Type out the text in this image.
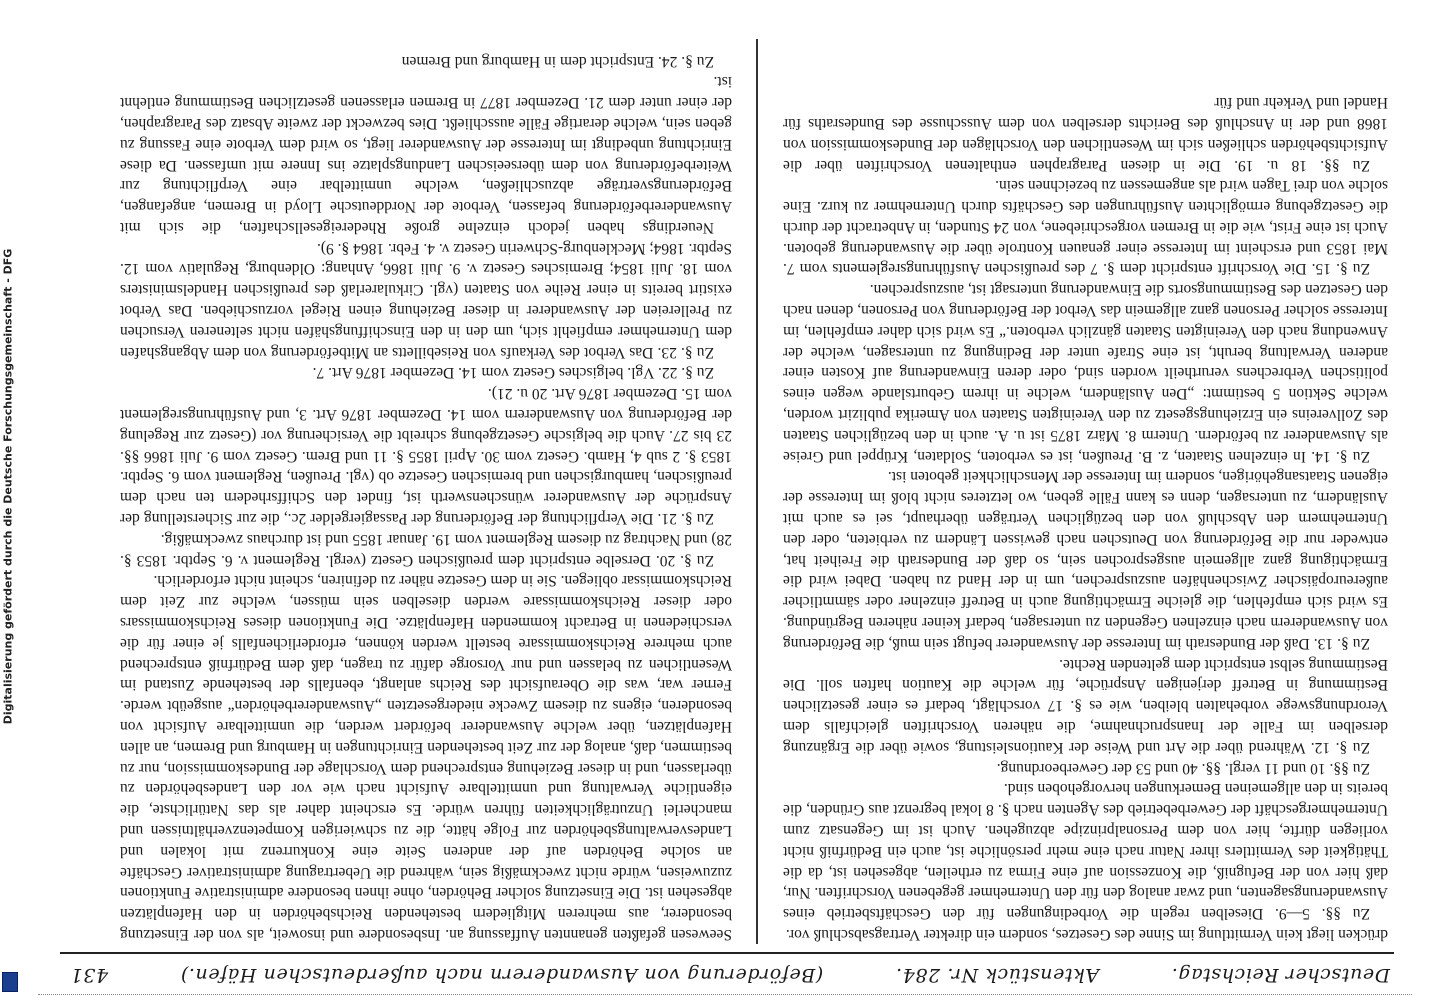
Deutscher Reichstag.
Aktenstück Nr. 284.
(Beförderung von Auswanderern nach außerdeutschen Häfen.)
431

drücken liegt kein Vermittlung im Sinne des Gesetzes, sondern ein direkter Vertragsabschluß vor.

Zu §§. 5—9. Dieselben regeln die Vorbedingungen für den Geschäftsbetrieb eines Auswanderungsagenten, und zwar analog den für den Unternehmer gegebenen Vorschriften. Nur, daß hier von der Befugniß, die Konzession auf eine Firma zu ertheilen, abgesehen ist, da die Thätigkeit des Vermittlers ihrer Natur nach eine mehr persönliche ist, auch ein Bedürfniß nicht vorliegen dürfte, hier von dem Personalprinzipe abzugehen. Auch ist im Gegensatz zum Unternehmergeschäft der Gewerbebetrieb des Agenten nach §. 8 lokal begrenzt aus Gründen, die bereits in den allgemeinen Bemerkungen hervorgehoben sind.

Zu §§. 10 und 11 vergl. §§. 40 und 53 der Gewerbeordnung.

Zu §. 12. Während über die Art und Weise der Kautionsleistung, sowie über die Ergänzung derselben im Falle der Inanspruchnahme, die näheren Vorschriften gleichfalls dem Verordnungswege vorbehalten bleiben, wie es §. 17 vorschlägt, bedarf es einer gesetzlichen Bestimmung in Betreff derjenigen Ansprüche, für welche die Kaution haften soll. Die Bestimmung selbst entspricht dem geltenden Rechte.

Zu §. 13. Daß der Bundesrath im Interesse der Auswanderer befugt sein muß, die Beförderung von Auswanderern nach einzelnen Gegenden zu untersagen, bedarf keiner näheren Begründung. Es wird sich empfehlen, die gleiche Ermächtigung auch in Betreff einzelner oder sämmtlicher außereuropäischer Zwischenhäfen auszusprechen, um in der Hand zu haben. Dabei wird die Ermächtigung ganz allgemein ausgesprochen sein, so daß der Bundesrath die Freiheit hat, entweder nur die Beförderung von Deutschen nach gewissen Ländern zu verbieten, oder den Unternehmern den Abschluß von den bezüglichen Verträgen überhaupt, sei es auch mit Ausländern, zu untersagen, denn es kann Fälle geben, wo letzteres nicht bloß im Interesse der eigenen Staatsangehörigen, sondern im Interesse der Menschlichkeit geboten ist.

Zu §. 14. In einzelnen Staaten, z. B. Preußen, ist es verboten, Soldaten, Krüppel und Greise als Auswanderer zu befördern. Unterm 8. März 1875 ist u. A. auch in den bezüglichen Staaten des Zollvereins ein Erziehungsgesetz zu den Vereinigten Staaten von Amerika publizirt worden, welche Sektion 5 bestimmt: „Den Ausländern, welche in ihrem Geburtslande wegen eines politischen Verbrechens verurtheilt worden sind, oder deren Einwanderung auf Kosten einer anderen Verwaltung beruht, ist eine Strafe unter der Bedingung zu untersagen, welche der Anwendung nach den Vereinigten Staaten gänzlich verboten.“ Es wird sich daher empfehlen, im Interesse solcher Personen ganz allgemein das Verbot der Beförderung von Personen, denen nach den Gesetzen des Bestimmungsorts die Einwanderung untersagt ist, auszusprechen.

Zu §. 15. Die Vorschrift entspricht dem §. 7 des preußischen Ausführungsreglements vom 7. Mai 1853 und erscheint im Interesse einer genauen Kontrole über die Auswanderung geboten. Auch ist eine Frist, wie die in Bremen vorgeschriebene, von 24 Stunden, in Anbetracht der durch die Gesetzgebung ermöglichten Ausführungen des Geschäfts durch Unternehmer zu kurz. Eine solche von drei Tagen wird als angemessen zu bezeichnen sein.

Zu §§. 18 u. 19. Die in diesen Paragraphen enthaltenen Vorschriften über die Aufsichtsbehörden schließen sich im Wesentlichen den Vorschlägen der Bundeskommission von 1868 und der in Anschluß des Berichts derselben von dem Ausschusse des Bundesraths für Handel und Verkehr und für

Seewesen gefaßten genannten Auffassung an. Insbesondere und insoweit, als von der Einsetzung besonderer, aus mehreren Mitgliedern bestehenden Reichsbehörden in den Hafenplätzen abgesehen ist. Die Einsetzung solcher Behörden, ohne ihnen besondere administrative Funktionen zuzuweisen, würde nicht zweckmäßig sein, während die Uebertragung administrativer Geschäfte an solche Behörden auf der anderen Seite eine Konkurrenz mit lokalen und Landesverwaltungsbehörden zur Folge hätte, die zu schwierigen Kompetenzverhältnissen und mancherlei Unzuträglichkeiten führen würde. Es erscheint daher als das Natürlichste, die eigentliche Verwaltung und unmittelbare Aufsicht nach wie vor den Landesbehörden zu überlassen, und in dieser Beziehung entsprechend dem Vorschlage der Bundeskommission, nur zu bestimmen, daß, analog der zur Zeit bestehenden Einrichtungen in Hamburg und Bremen, an allen Hafenplätzen, über welche Auswanderer befördert werden, die unmittelbare Aufsicht von besonderen, eigens zu diesem Zwecke niedergesetzten „Auswandererbehörden“ ausgeübt werde. Ferner war, was die Oberaufsicht des Reichs anlangt, ebenfalls der bestehende Zustand im Wesentlichen zu belassen und nur Vorsorge dafür zu tragen, daß dem Bedürfniß entsprechend auch mehrere Reichskommissare bestellt werden können, erforderlichenfalls je einer für die verschiedenen in Betracht kommenden Hafenplätze. Die Funktionen dieses Reichskommissars oder dieser Reichskommissare werden dieselben sein müssen, welche zur Zeit dem Reichskommissar obliegen. Sie in dem Gesetze näher zu definiren, scheint nicht erforderlich.

Zu §. 20. Derselbe entspricht dem preußischen Gesetz (vergl. Reglement v. 6. Septbr. 1853 §. 28) und Nachtrag zu diesem Reglement vom 19. Januar 1855 und ist durchaus zweckmäßig.

Zu §. 21. Die Verpflichtung der Beförderung der Passagiergelder 2c., die zur Sicherstellung der Ansprüche der Auswanderer wünschenswerth ist, findet den Schiffsrhedern ten nach dem preußischen, hamburgischen und bremischen Gesetze ob (vgl. Preußen, Reglement vom 6. Septbr. 1853 §. 2 sub 4, Hamb. Gesetz vom 30. April 1855 §. 11 und Brem. Gesetz vom 9. Juli 1866 §§. 23 bis 27. Auch die belgische Gesetzgebung schreibt die Versicherung vor (Gesetz zur Regelung der Beförderung von Auswanderern vom 14. Dezember 1876 Art. 3, und Ausführungsreglement vom 15. Dezember 1876 Art. 20 u. 21).

Zu §. 22. Vgl. belgisches Gesetz vom 14. Dezember 1876 Art. 7.

Zu §. 23. Das Verbot des Verkaufs von Reisebilletts an Mitbeförderung von dem Abgangshafen dem Unternehmer empfiehlt sich, um den in den Einschiffungshäfen nicht selteneren Versuchen zu Prellereien der Auswanderer in dieser Beziehung einen Riegel vorzuschieben. Das Verbot existirt bereits in einer Reihe von Staaten (vgl. Cirkularerlaß des preußischen Handelsministers vom 18. Juli 1854; Bremisches Gesetz v. 9. Juli 1866, Anhang: Oldenburg, Regulativ vom 12. Septbr. 1864; Mecklenburg-Schwerin Gesetz v. 4. Febr. 1864 §. 9).

Neuerdings haben jedoch einzelne große Rhedereigesellschaften, die sich mit Auswandererbeförderung befassen, Verbote der Norddeutsche Lloyd in Bremen, angefangen, Beförderungsverträge abzuschließen, welche unmittelbar eine Verpflichtung zur Weiterbeförderung von dem überseeischen Landungsplatze ins Innere mit umfassen. Da diese Einrichtung unbedingt im Interesse der Auswanderer liegt, so wird dem Verbote eine Fassung zu geben sein, welche derartige Fälle ausschließt. Dies bezweckt der zweite Absatz des Paragraphen, der einer unter dem 21. Dezember 1877 in Bremen erlassenen gesetzlichen Bestimmung entlehnt ist.

Zu §. 24. Entspricht dem in Hamburg und Bremen

Digitalisierung gefördert durch die Deutsche Forschungsgemeinschaft - DFG
